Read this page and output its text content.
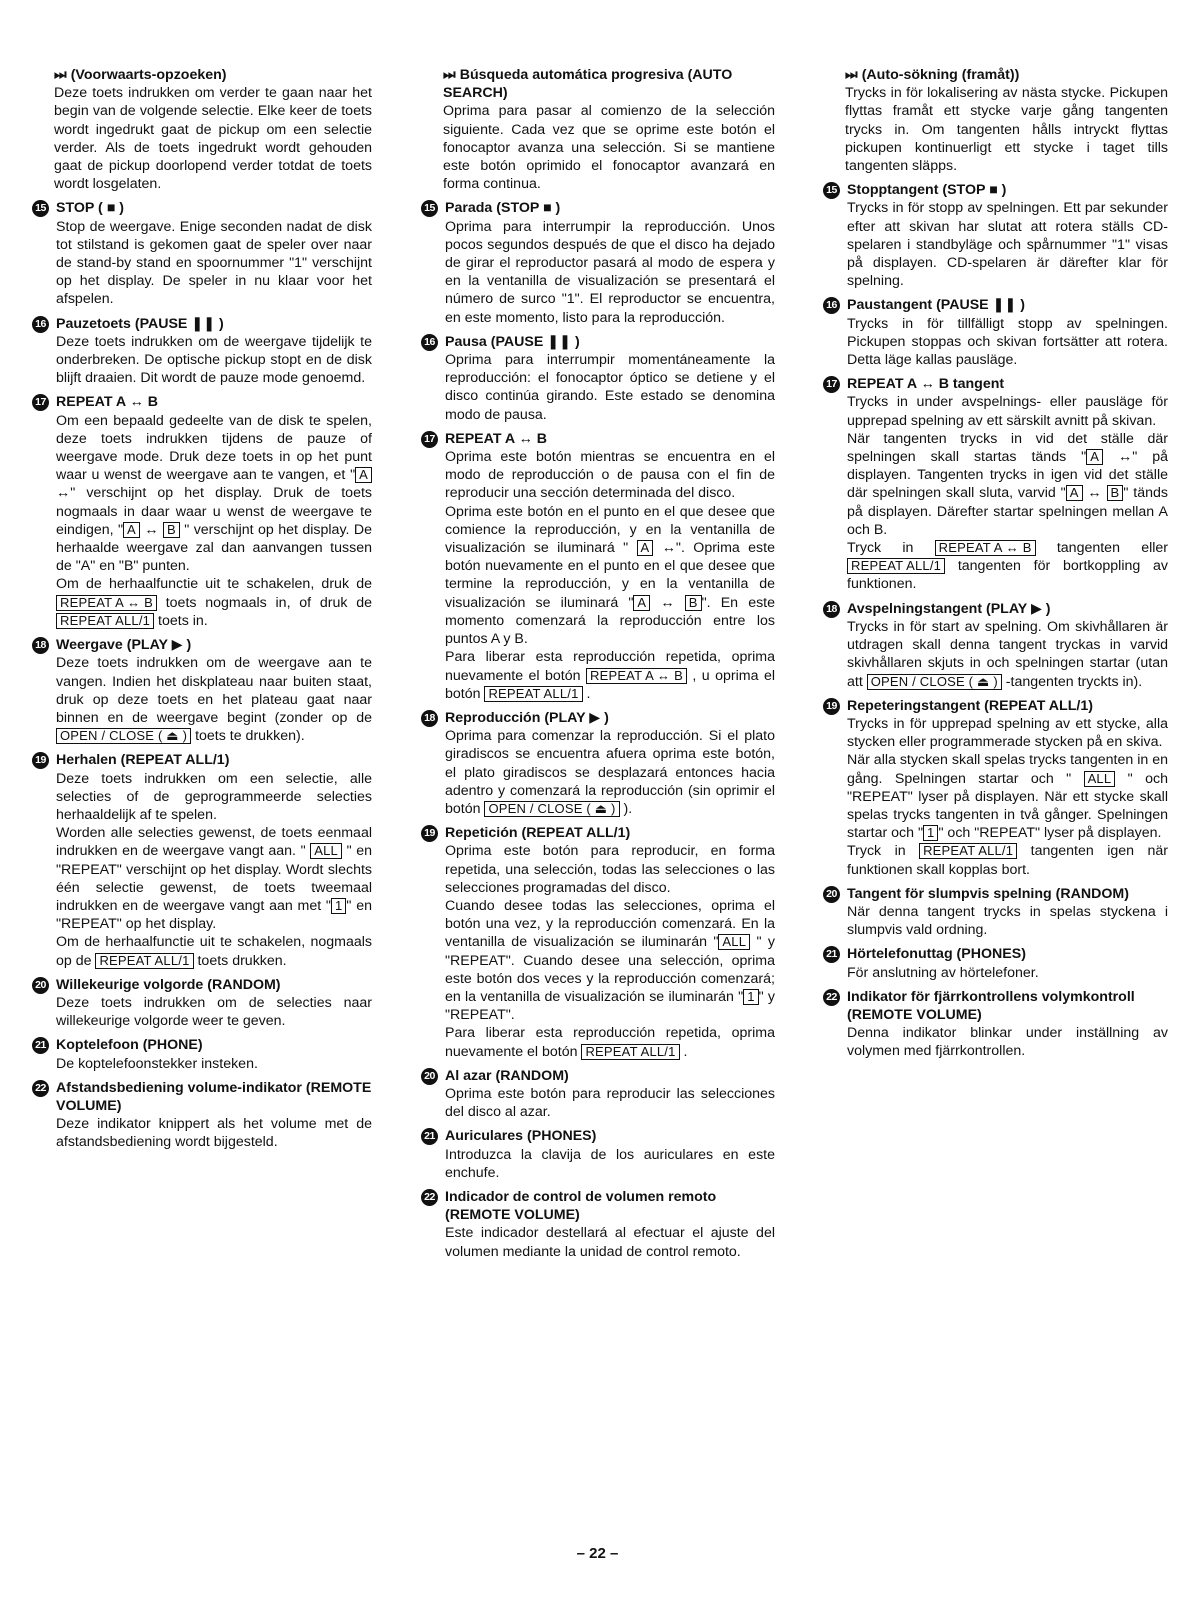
⏭ (Voorwaarts-opzoeken)
Deze toets indrukken om verder te gaan naar het begin van de volgende selectie. Elke keer de toets wordt ingedrukt gaat de pickup om een selectie verder. Als de toets ingedrukt wordt gehouden gaat de pickup doorlopend verder totdat de toets wordt losgelaten.
15 STOP ( ■ )
Stop de weergave. Enige seconden nadat de disk tot stilstand is gekomen gaat de speler over naar de stand-by stand en spoornummer "1" verschijnt op het display. De speler in nu klaar voor het afspelen.
16 Pauzetoets (PAUSE ❚❚ )
Deze toets indrukken om de weergave tijdelijk te onderbreken. De optische pickup stopt en de disk blijft draaien. Dit wordt de pauze mode genoemd.
17 REPEAT A ↔ B
Om een bepaald gedeelte van de disk te spelen, deze toets indrukken tijdens de pauze of weergave mode. Druk deze toets in op het punt waar u wenst de weergave aan te vangen, et " A ↔" verschijnt op het display. Druk de toets nogmaals in daar waar u wenst de weergave te eindigen, " A ↔ B " verschijnt op het display. De herhaalde weergave zal dan aanvangen tussen de "A" en "B" punten.
Om de herhaalfunctie uit te schakelen, druk de REPEAT A ↔ B toets nogmaals in, of druk de REPEAT ALL/1 toets in.
18 Weergave (PLAY ▶ )
Deze toets indrukken om de weergave aan te vangen. Indien het diskplateau naar buiten staat, druk op deze toets en het plateau gaat naar binnen en de weergave begint (zonder op de OPEN / CLOSE ( ⏏ ) toets te drukken).
19 Herhalen (REPEAT ALL/1)
Deze toets indrukken om een selectie, alle selecties of de geprogrammeerde selecties herhaaldelijk af te spelen.
Worden alle selecties gewenst, de toets eenmaal indrukken en de weergave vangt aan. " ALL " en "REPEAT" verschijnt op het display. Wordt slechts één selectie gewenst, de toets tweemaal indrukken en de weergave vangt aan met " 1 " en "REPEAT" op het display.
Om de herhaalfunctie uit te schakelen, nogmaals op de REPEAT ALL/1 toets drukken.
20 Willekeurige volgorde (RANDOM)
Deze toets indrukken om de selecties naar willekeurige volgorde weer te geven.
21 Koptelefoon (PHONE)
De koptelefoonstekker insteken.
22 Afstandsbediening volume-indikator (REMOTE VOLUME)
Deze indikator knippert als het volume met de afstandsbediening wordt bijgesteld.
⏭ Búsqueda automática progresiva (AUTO SEARCH)
Oprima para pasar al comienzo de la selección siguiente. Cada vez que se oprime este botón el fonocaptor avanza una selección. Si se mantiene este botón oprimido el fonocaptor avanzará en forma continua.
15 Parada (STOP ■ )
Oprima para interrumpir la reproducción. Unos pocos segundos después de que el disco ha dejado de girar el reproductor pasará al modo de espera y en la ventanilla de visualización se presentará el número de surco "1". El reproductor se encuentra, en este momento, listo para la reproducción.
16 Pausa (PAUSE ❚❚ )
Oprima para interrumpir momentáneamente la reproducción: el fonocaptor óptico se detiene y el disco continúa girando. Este estado se denomina modo de pausa.
17 REPEAT A ↔ B
Oprima este botón mientras se encuentra en el modo de reproducción o de pausa con el fin de reproducir una sección determinada del disco.
Oprima este botón en el punto en el que desee que comience la reproducción, y en la ventanilla de visualización se iluminará " A ↔". Oprima este botón nuevamente en el punto en el que desee que termine la reproducción, y en la ventanilla de visualización se iluminará " A ↔ B ". En este momento comenzará la reproducción entre los puntos A y B.
Para liberar esta reproducción repetida, oprima nuevamente el botón REPEAT A ↔ B , u oprima el botón REPEAT ALL/1 .
18 Reproducción (PLAY ▶ )
Oprima para comenzar la reproducción. Si el plato giradiscos se encuentra afuera oprima este botón, el plato giradiscos se desplazará entonces hacia adentro y comenzará la reproducción (sin oprimir el botón OPEN / CLOSE ( ⏏ ) ).
19 Repetición (REPEAT ALL/1)
Oprima este botón para reproducir, en forma repetida, una selección, todas las selecciones o las selecciones programadas del disco.
Cuando desee todas las selecciones, oprima el botón una vez, y la reproducción comenzará. En la ventanilla de visualización se iluminarán " ALL " y "REPEAT". Cuando desee una selección, oprima este botón dos veces y la reproducción comenzará; en la ventanilla de visualización se iluminarán " 1 " y "REPEAT".
Para liberar esta reproducción repetida, oprima nuevamente el botón REPEAT ALL/1 .
20 Al azar (RANDOM)
Oprima este botón para reproducir las selecciones del disco al azar.
21 Auriculares (PHONES)
Introduzca la clavija de los auriculares en este enchufe.
22 Indicador de control de volumen remoto (REMOTE VOLUME)
Este indicador destellará al efectuar el ajuste del volumen mediante la unidad de control remoto.
⏭ (Auto-sökning (framåt))
Trycks in för lokalisering av nästa stycke. Pickupen flyttas framåt ett stycke varje gång tangenten trycks in. Om tangenten hålls intryckt flyttas pickupen kontinuerligt ett stycke i taget tills tangenten släpps.
15 Stopptangent (STOP ■ )
Trycks in för stopp av spelningen. Ett par sekunder efter att skivan har slutat att rotera ställs CD-spelaren i standbyläge och spårnummer "1" visas på displayen. CD-spelaren är därefter klar för spelning.
16 Paustangent (PAUSE ❚❚ )
Trycks in för tillfälligt stopp av spelningen. Pickupen stoppas och skivan fortsätter att rotera. Detta läge kallas pausläge.
17 REPEAT A ↔ B tangent
Trycks in under avspelnings- eller pausläge för upprepad spelning av ett särskilt avnitt på skivan.
När tangenten trycks in vid det ställe där spelningen skall startas tänds " A ↔" på displayen. Tangenten trycks in igen vid det ställe där spelningen skall sluta, varvid " A ↔ B " tänds på displayen. Därefter startar spelningen mellan A och B.
Tryck in REPEAT A ↔ B tangenten eller REPEAT ALL/1 tangenten för bortkoppling av funktionen.
18 Avspelningstangent (PLAY ▶ )
Trycks in för start av spelning. Om skivhållaren är utdragen skall denna tangent tryckas in varvid skivhållaren skjuts in och spelningen startar (utan att OPEN / CLOSE ( ⏏ ) -tangenten tryckts in).
19 Repeteringstangent (REPEAT ALL/1)
Trycks in för upprepad spelning av ett stycke, alla stycken eller programmerade stycken på en skiva.
När alla stycken skall spelas trycks tangenten in en gång. Spelningen startar och " ALL " och "REPEAT" lyser på displayen. När ett stycke skall spelas trycks tangenten in två gånger. Spelningen startar och " 1 " och "REPEAT" lyser på displayen.
Tryck in REPEAT ALL/1 tangenten igen när funktionen skall kopplas bort.
20 Tangent för slumpvis spelning (RANDOM)
När denna tangent trycks in spelas styckena i slumpvis vald ordning.
21 Hörtelefonuttag (PHONES)
För anslutning av hörtelefoner.
22 Indikator för fjärrkontrollens volymkontroll (REMOTE VOLUME)
Denna indikator blinkar under inställning av volymen med fjärrkontrollen.
– 22 –
